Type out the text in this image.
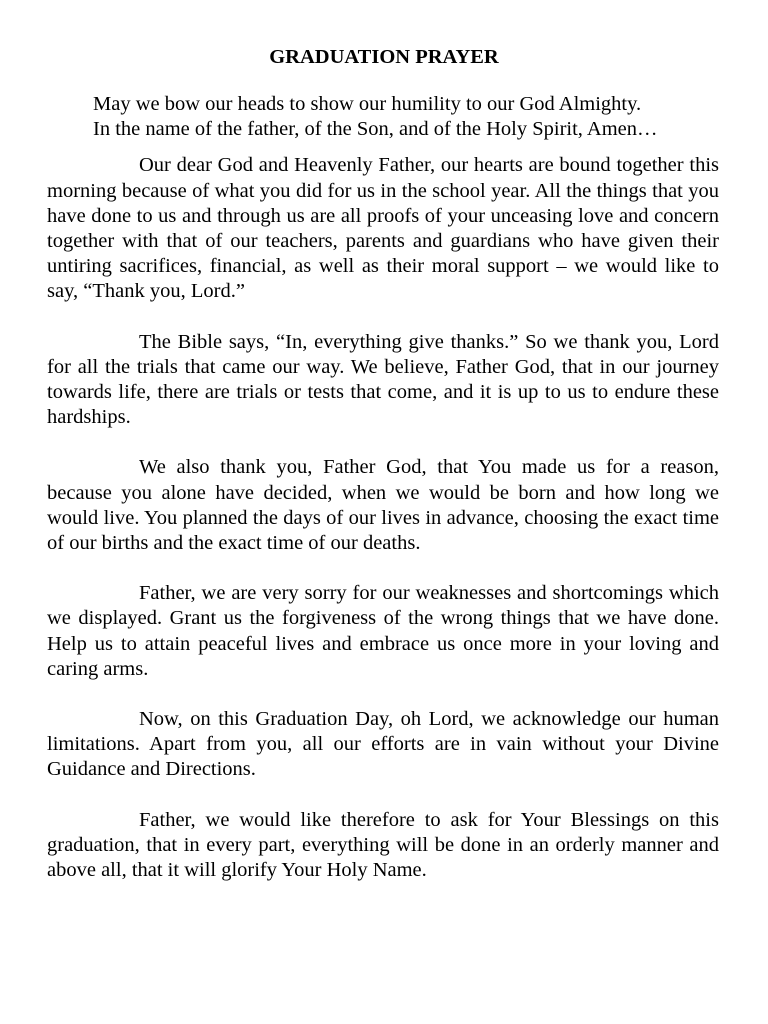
GRADUATION PRAYER

May we bow our heads to show our humility to our God Almighty.

In the name of the father, of the Son, and of the Holy Spirit, Amen…

Our dear God and Heavenly Father, our hearts are bound together this morning because of what you did for us in the school year. All the things that you have done to us and through us are all proofs of your unceasing love and concern together with that of our teachers, parents and guardians who have given their untiring sacrifices, financial, as well as their moral support – we would like to say, “Thank you, Lord.”

The Bible says, “In, everything give thanks.” So we thank you, Lord for all the trials that came our way. We believe, Father God, that in our journey towards life, there are trials or tests that come, and it is up to us to endure these hardships.

We also thank you, Father God, that You made us for a reason, because you alone have decided, when we would be born and how long we would live. You planned the days of our lives in advance, choosing the exact time of our births and the exact time of our deaths.

Father, we are very sorry for our weaknesses and shortcomings which we displayed. Grant us the forgiveness of the wrong things that we have done. Help us to attain peaceful lives and embrace us once more in your loving and caring arms.

Now, on this Graduation Day, oh Lord, we acknowledge our human limitations. Apart from you, all our efforts are in vain without your Divine Guidance and Directions.

Father, we would like therefore to ask for Your Blessings on this graduation, that in every part, everything will be done in an orderly manner and above all, that it will glorify Your Holy Name.
